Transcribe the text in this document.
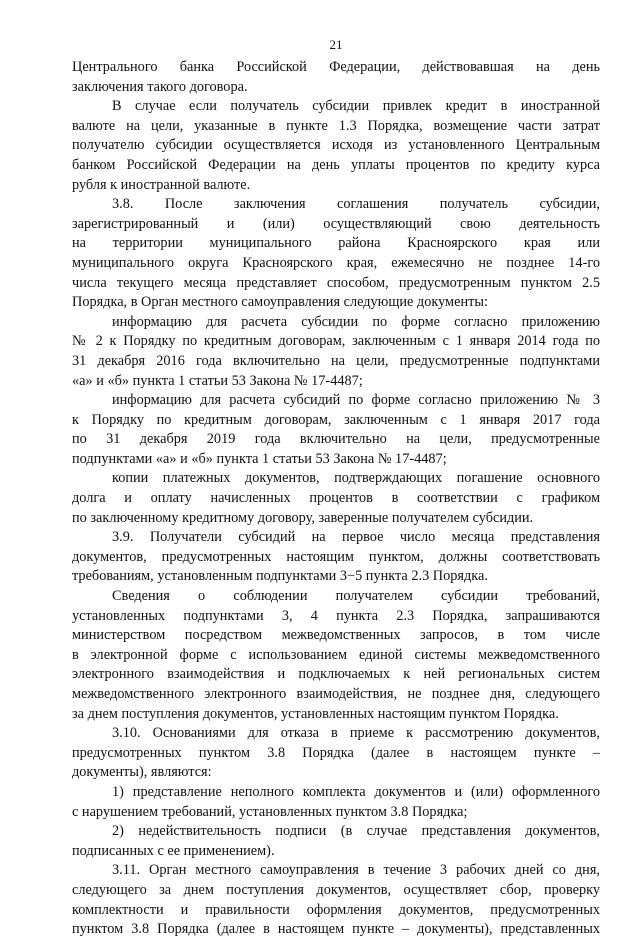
21
Центрального банка Российской Федерации, действовавшая на день
заключения такого договора.
В случае если получатель субсидии привлек кредит в иностранной
валюте на цели, указанные в пункте 1.3 Порядка, возмещение части затрат
получателю субсидии осуществляется исходя из установленного Центральным
банком Российской Федерации на день уплаты процентов по кредиту курса
рубля к иностранной валюте.
3.8. После заключения соглашения получатель субсидии,
зарегистрированный и (или) осуществляющий свою деятельность
на территории муниципального района Красноярского края или
муниципального округа Красноярского края, ежемесячно не позднее 14-го
числа текущего месяца представляет способом, предусмотренным пунктом 2.5
Порядка, в Орган местного самоуправления следующие документы:
информацию для расчета субсидии по форме согласно приложению
№ 2 к Порядку по кредитным договорам, заключенным с 1 января 2014 года по
31 декабря 2016 года включительно на цели, предусмотренные подпунктами
«а» и «б» пункта 1 статьи 53 Закона № 17-4487;
информацию для расчета субсидий по форме согласно приложению № 3
к Порядку по кредитным договорам, заключенным с 1 января 2017 года
по 31 декабря 2019 года включительно на цели, предусмотренные
подпунктами «а» и «б» пункта 1 статьи 53 Закона № 17-4487;
копии платежных документов, подтверждающих погашение основного
долга и оплату начисленных процентов в соответствии с графиком
по заключенному кредитному договору, заверенные получателем субсидии.
3.9. Получатели субсидий на первое число месяца представления
документов, предусмотренных настоящим пунктом, должны соответствовать
требованиям, установленным подпунктами 3−5 пункта 2.3 Порядка.
Сведения о соблюдении получателем субсидии требований,
установленных подпунктами 3, 4 пункта 2.3 Порядка, запрашиваются
министерством посредством межведомственных запросов, в том числе
в электронной форме с использованием единой системы межведомственного
электронного взаимодействия и подключаемых к ней региональных систем
межведомственного электронного взаимодействия, не позднее дня, следующего
за днем поступления документов, установленных настоящим пунктом Порядка.
3.10. Основаниями для отказа в приеме к рассмотрению документов,
предусмотренных пунктом 3.8 Порядка (далее в настоящем пункте –
документы), являются:
1) представление неполного комплекта документов и (или) оформленного
с нарушением требований, установленных пунктом 3.8 Порядка;
2) недействительность подписи (в случае представления документов,
подписанных с ее применением).
3.11. Орган местного самоуправления в течение 3 рабочих дней со дня,
следующего за днем поступления документов, осуществляет сбор, проверку
комплектности и правильности оформления документов, предусмотренных
пунктом 3.8 Порядка (далее в настоящем пункте – документы), представленных
